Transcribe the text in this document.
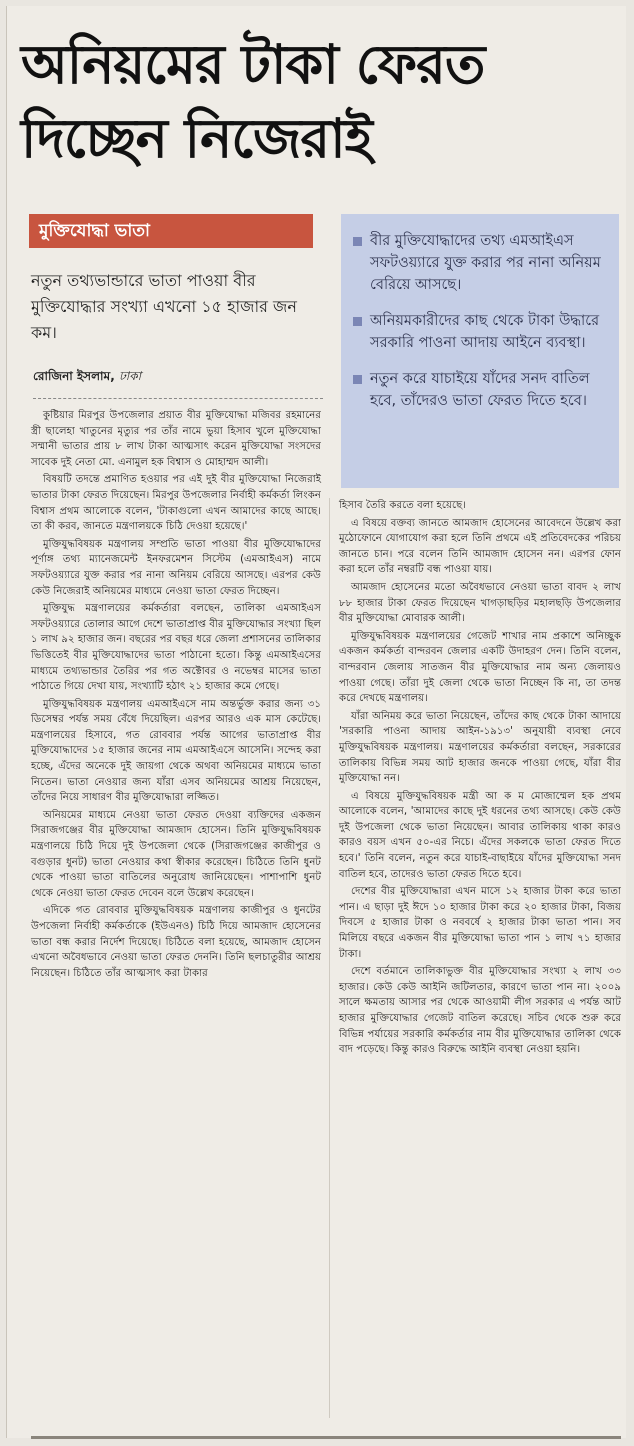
অনিয়মের টাকা ফেরত
দিচ্ছেন নিজেরাই
মুক্তিযোদ্ধা ভাতা
নতুন তথ্যভান্ডারে ভাতা পাওয়া বীর মুক্তিযোদ্ধার সংখ্যা এখনো ১৫ হাজার জন কম।
রোজিনা ইসলাম, ঢাকা
বীর মুক্তিযোদ্ধাদের তথ্য এমআইএস সফটওয়্যারে যুক্ত করার পর নানা অনিয়ম বেরিয়ে আসছে।
অনিয়মকারীদের কাছ থেকে টাকা উদ্ধারে সরকারি পাওনা আদায় আইনে ব্যবস্থা।
নতুন করে যাচাইয়ে যাঁদের সনদ বাতিল হবে, তাঁদেরও ভাতা ফেরত দিতে হবে।

কুষ্টিয়ার মিরপুর উপজেলার প্রয়াত বীর মুক্তিযোদ্ধা মজিবর রহমানের স্ত্রী ছালেহা খাতুনের মৃত্যুর পর তাঁর নামে ভুয়া হিসাব খুলে মুক্তিযোদ্ধা সম্মানী ভাতার প্রায় ৮ লাখ টাকা আত্মসাৎ করেন মুক্তিযোদ্ধা সংসদের সাবেক দুই নেতা মো. এনামুল হক বিশ্বাস ও মোহাম্মদ আলী।

বিষয়টি তদন্তে প্রমাণিত হওয়ার পর এই দুই বীর মুক্তিযোদ্ধা নিজেরাই ভাতার টাকা ফেরত দিয়েছেন। মিরপুর উপজেলার নির্বাহী কর্মকর্তা লিংকন বিশ্বাস প্রথম আলোকে বলেন, 'টাকাগুলো এখন আমাদের কাছে আছে। তা কী করব, জানতে মন্ত্রণালয়কে চিঠি দেওয়া হয়েছে।'

মুক্তিযুদ্ধবিষয়ক মন্ত্রণালয় সম্প্রতি ভাতা পাওয়া বীর মুক্তিযোদ্ধাদের পূর্ণাঙ্গ তথ্য ম্যানেজমেন্ট ইনফরমেশন সিস্টেম (এমআইএস) নামে সফটওয়্যারে যুক্ত করার পর নানা অনিয়ম বেরিয়ে আসছে। এরপর কেউ কেউ নিজেরাই অনিয়মের মাধ্যমে নেওয়া ভাতা ফেরত দিচ্ছেন।

মুক্তিযুদ্ধ মন্ত্রণালয়ের কর্মকর্তারা বলছেন, তালিকা এমআইএস সফটওয়্যারে তোলার আগে দেশে ভাতাপ্রাপ্ত বীর মুক্তিযোদ্ধার সংখ্যা ছিল ১ লাখ ৯২ হাজার জন। বছরের পর বছর ধরে জেলা প্রশাসনের তালিকার ভিত্তিতেই বীর মুক্তিযোদ্ধাদের ভাতা পাঠানো হতো। কিন্তু এমআইএসের মাধ্যমে তথ্যভান্ডার তৈরির পর গত অক্টোবর ও নভেম্বর মাসের ভাতা পাঠাতে গিয়ে দেখা যায়, সংখ্যাটি হঠাৎ ২১ হাজার কমে গেছে।

মুক্তিযুদ্ধবিষয়ক মন্ত্রণালয় এমআইএসে নাম অন্তর্ভুক্ত করার জন্য ৩১ ডিসেম্বর পর্যন্ত সময় বেঁধে দিয়েছিল। এরপর আরও এক মাস কেটেছে। মন্ত্রণালয়ের হিসাবে, গত রোববার পর্যন্ত আগের ভাতাপ্রাপ্ত বীর মুক্তিযোদ্ধাদের ১৫ হাজার জনের নাম এমআইএসে আসেনি। সন্দেহ করা হচ্ছে, এঁদের অনেকে দুই জায়গা থেকে অথবা অনিয়মের মাধ্যমে ভাতা নিতেন। ভাতা নেওয়ার জন্য যাঁরা এসব অনিয়মের আশ্রয় নিয়েছেন, তাঁদের নিয়ে সাধারণ বীর মুক্তিযোদ্ধারা লজ্জিত।

অনিয়মের মাধ্যমে নেওয়া ভাতা ফেরত দেওয়া ব্যক্তিদের একজন সিরাজগঞ্জের বীর মুক্তিযোদ্ধা আমজাদ হোসেন। তিনি মুক্তিযুদ্ধবিষয়ক মন্ত্রণালয়ে চিঠি দিয়ে দুই উপজেলা থেকে (সিরাজগঞ্জের কাজীপুর ও বগুড়ার ধুনট) ভাতা নেওয়ার কথা স্বীকার করেছেন। চিঠিতে তিনি ধুনট থেকে পাওয়া ভাতা বাতিলের অনুরোধ জানিয়েছেন। পাশাপাশি ধুনট থেকে নেওয়া ভাতা ফেরত দেবেন বলে উল্লেখ করেছেন।

এদিকে গত রোববার মুক্তিযুদ্ধবিষয়ক মন্ত্রণালয় কাজীপুর ও ধুনটের উপজেলা নির্বাহী কর্মকর্তাকে (ইউএনও) চিঠি দিয়ে আমজাদ হোসেনের ভাতা বন্ধ করার নির্দেশ দিয়েছে। চিঠিতে বলা হয়েছে, আমজাদ হোসেন এখনো অবৈধভাবে নেওয়া ভাতা ফেরত দেননি। তিনি ছলচাতুরীর আশ্রয় নিয়েছেন। চিঠিতে তাঁর আত্মসাৎ করা টাকার

হিসাব তৈরি করতে বলা হয়েছে।

এ বিষয়ে বক্তব্য জানতে আমজাদ হোসেনের আবেদনে উল্লেখ করা মুঠোফোনে যোগাযোগ করা হলে তিনি প্রথমে এই প্রতিবেদকের পরিচয় জানতে চান। পরে বলেন তিনি আমজাদ হোসেন নন। এরপর ফোন করা হলে তাঁর নম্বরটি বন্ধ পাওয়া যায়।

আমজাদ হোসেনের মতো অবৈধভাবে নেওয়া ভাতা বাবদ ২ লাখ ৮৮ হাজার টাকা ফেরত দিয়েছেন খাগড়াছড়ির মহালছড়ি উপজেলার বীর মুক্তিযোদ্ধা মোবারক আলী।

মুক্তিযুদ্ধবিষয়ক মন্ত্রণালয়ের গেজেট শাখার নাম প্রকাশে অনিচ্ছুক একজন কর্মকর্তা বান্দরবন জেলার একটি উদাহরণ দেন। তিনি বলেন, বান্দরবান জেলায় সাতজন বীর মুক্তিযোদ্ধার নাম অন্য জেলায়ও পাওয়া গেছে। তাঁরা দুই জেলা থেকে ভাতা নিচ্ছেন কি না, তা তদন্ত করে দেখছে মন্ত্রণালয়।

যাঁরা অনিময় করে ভাতা নিয়েছেন, তাঁদের কাছ থেকে টাকা আদায়ে 'সরকারি পাওনা আদায় আইন-১৯১৩' অনুযায়ী ব্যবস্থা নেবে মুক্তিযুদ্ধবিষয়ক মন্ত্রণালয়। মন্ত্রণালয়ের কর্মকর্তারা বলছেন, সরকারের তালিকায় বিভিন্ন সময় আট হাজার জনকে পাওয়া গেছে, যাঁরা বীর মুক্তিযোদ্ধা নন।

এ বিষয়ে মুক্তিযুদ্ধবিষয়ক মন্ত্রী আ ক ম মোজাম্মেল হক প্রথম আলোকে বলেন, 'আমাদের কাছে দুই ধরনের তথ্য আসছে। কেউ কেউ দুই উপজেলা থেকে ভাতা নিয়েছেন। আবার তালিকায় থাকা কারও কারও বয়স এখন ৫০-এর নিচে। এঁদের সকলকে ভাতা ফেরত দিতে হবে।' তিনি বলেন, নতুন করে যাচাই-বাছাইয়ে যাঁদের মুক্তিযোদ্ধা সনদ বাতিল হবে, তাদেরও ভাতা ফেরত দিতে হবে।

দেশের বীর মুক্তিযোদ্ধারা এখন মাসে ১২ হাজার টাকা করে ভাতা পান। এ ছাড়া দুই ঈদে ১০ হাজার টাকা করে ২০ হাজার টাকা, বিজয় দিবসে ৫ হাজার টাকা ও নববর্ষে ২ হাজার টাকা ভাতা পান। সব মিলিয়ে বছরে একজন বীর মুক্তিযোদ্ধা ভাতা পান ১ লাখ ৭১ হাজার টাকা।

দেশে বর্তমানে তালিকাভুক্ত বীর মুক্তিযোদ্ধার সংখ্যা ২ লাখ ৩৩ হাজার। কেউ কেউ আইনি জটিলতার, কারণে ভাতা পান না। ২০০৯ সালে ক্ষমতায় আসার পর থেকে আওয়ামী লীগ সরকার এ পর্যন্ত আট হাজার মুক্তিযোদ্ধার গেজেট বাতিল করেছে। সচিব থেকে শুরু করে বিভিন্ন পর্যায়ের সরকারি কর্মকর্তার নাম বীর মুক্তিযোদ্ধার তালিকা থেকে বাদ পড়েছে। কিন্তু কারও বিরুদ্ধে আইনি ব্যবস্থা নেওয়া হয়নি।
